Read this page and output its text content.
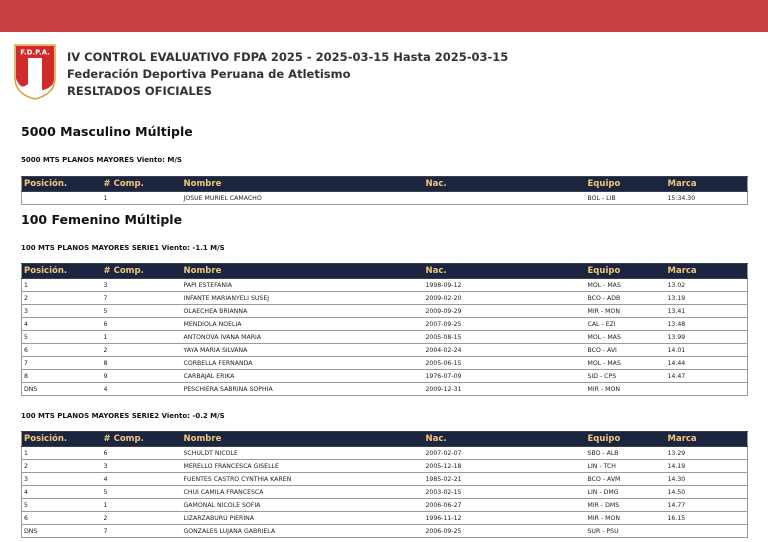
F.D.P.A. IV CONTROL EVALUATIVO FDPA 2025 - 2025-03-15 Hasta 2025-03-15
Federación Deportiva Peruana de Atletismo
RESLTADOS OFICIALES
5000 Masculino Múltiple
5000 MTS PLANOS MAYORES Viento: M/S
Posición.	# Comp.	Nombre	Nac.	Equipo	Marca
	1	JOSUE MURIEL CAMACHO		BOL - LIB	15:34.30
100 Femenino Múltiple
100 MTS PLANOS MAYORES SERIE1 Viento: -1.1 M/S
Posición.	# Comp.	Nombre	Nac.	Equipo	Marca
1	3	PAPI ESTEFANIA	1998-09-12	MOL - MAS	13.02
2	7	INFANTE MARIANYELI SUSEJ	2009-02-20	BCO - ADB	13.19
3	5	OLAECHEA BRIANNA	2009-09-29	MIR - MON	13.41
4	6	MENDIOLA NOELIA	2007-09-25	CAL - EZI	13.48
5	1	ANTONOVA IVANA MARIA	2005-08-15	MOL - MAS	13.99
6	2	YAYA MARIA SILVANA	2004-02-24	BCO - AVI	14.01
7	8	CORBELLA FERNANDA	2005-06-15	MOL - MAS	14.44
8	9	CARBAJAL ERIKA	1976-07-09	SID - CPS	14.47
DNS	4	PESCHIERA SABRINA SOPHIA	2009-12-31	MIR - MON	
100 MTS PLANOS MAYORES SERIE2 Viento: -0.2 M/S
Posición.	# Comp.	Nombre	Nac.	Equipo	Marca
1	6	SCHULDT NICOLE	2007-02-07	SBO - ALB	13.29
2	3	MERELLO FRANCESCA GISELLE	2005-12-18	LIN - TCH	14.19
3	4	FUENTES CASTRO CYNTHIA KAREN	1985-02-21	BCO - AVM	14.30
4	5	CHUI CAMILA FRANCESCA	2003-02-15	LIN - DMG	14.50
5	1	GAMONAL NICOLE SOFIA	2006-06-27	MIR - DMS	14.77
6	2	LIZARZABURU PIERINA	1996-11-12	MIR - MON	16.15
DNS	7	GONZALES LUJANA GABRIELA	2006-09-25	SUR - PSU	
